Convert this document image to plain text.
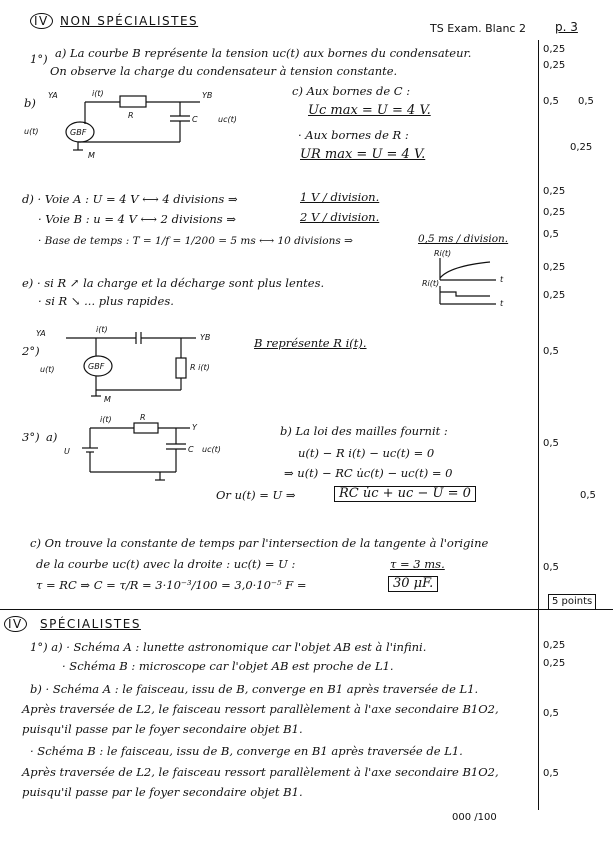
IV NON SPÉCIALISTES
TS Exam. Blanc 2 p. 3
1°) a) La courbe B représente la tension uc(t) aux bornes du condensateur.
On observe la charge du condensateur à tension constante.
b)
YA	i(t)
R	C
GBF
u(t)
YB
uc(t)
M
c) Aux bornes de C :
Uc max = U = 4 V.
· Aux bornes de R :
UR max = U = 4 V.
d) · Voie A : U = 4 V ⟷ 4 divisions ⇒	1 V / division.
· Voie B : u = 4 V ⟷ 2 divisions ⇒	2 V / division.
· Base de temps : T = 1/f = 1/200 = 5 ms ⟷ 10 divisions ⇒	0,5 ms / division.
e) · si R ↗ la charge et la décharge sont plus lentes.
· si R ↘ ... plus rapides.
Ri(t)
Ri(t)	t
t
2°)
YA	i(t)
GBF
u(t)
YB
R i(t)
M
B représente R i(t).
3°) a)
i(t)	R
C
U
Y
uc(t)
b) La loi des mailles fournit :
u(t) − R i(t) − uc(t) = 0
⇒ u(t) − RC u̇c(t) − uc(t) = 0
Or u(t) = U ⇒	RC u̇c + uc − U = 0
c) On trouve la constante de temps par l'intersection de la tangente à l'origine
de la courbe uc(t) avec la droite : uc(t) = U :	τ = 3 ms.
τ = RC ⇒ C = τ/R = 3·10⁻³/100 = 3,0·10⁻⁵ F =	30 μF.
IV	SPÉCIALISTES
1°) a) · Schéma A : lunette astronomique car l'objet AB est à l'infini.
· Schéma B : microscope car l'objet AB est proche de L1.
b) · Schéma A : le faisceau, issu de B, converge en B1 après traversée de L1.
Après traversée de L2, le faisceau ressort parallèlement à l'axe secondaire B1O2,
puisqu'il passe par le foyer secondaire objet B1.
· Schéma B : le faisceau, issu de B, converge en B1 après traversée de L1.
Après traversée de L2, le faisceau ressort parallèlement à l'axe secondaire B1O2,
puisqu'il passe par le foyer secondaire objet B1.
0,25
0,25
0,5 0,5
0,25
0,25
0,25
0,5
0,25
0,25
0,5
0,5
0,5
0,5
5 points
0,25
0,25
0,5
0,5
000 /100
